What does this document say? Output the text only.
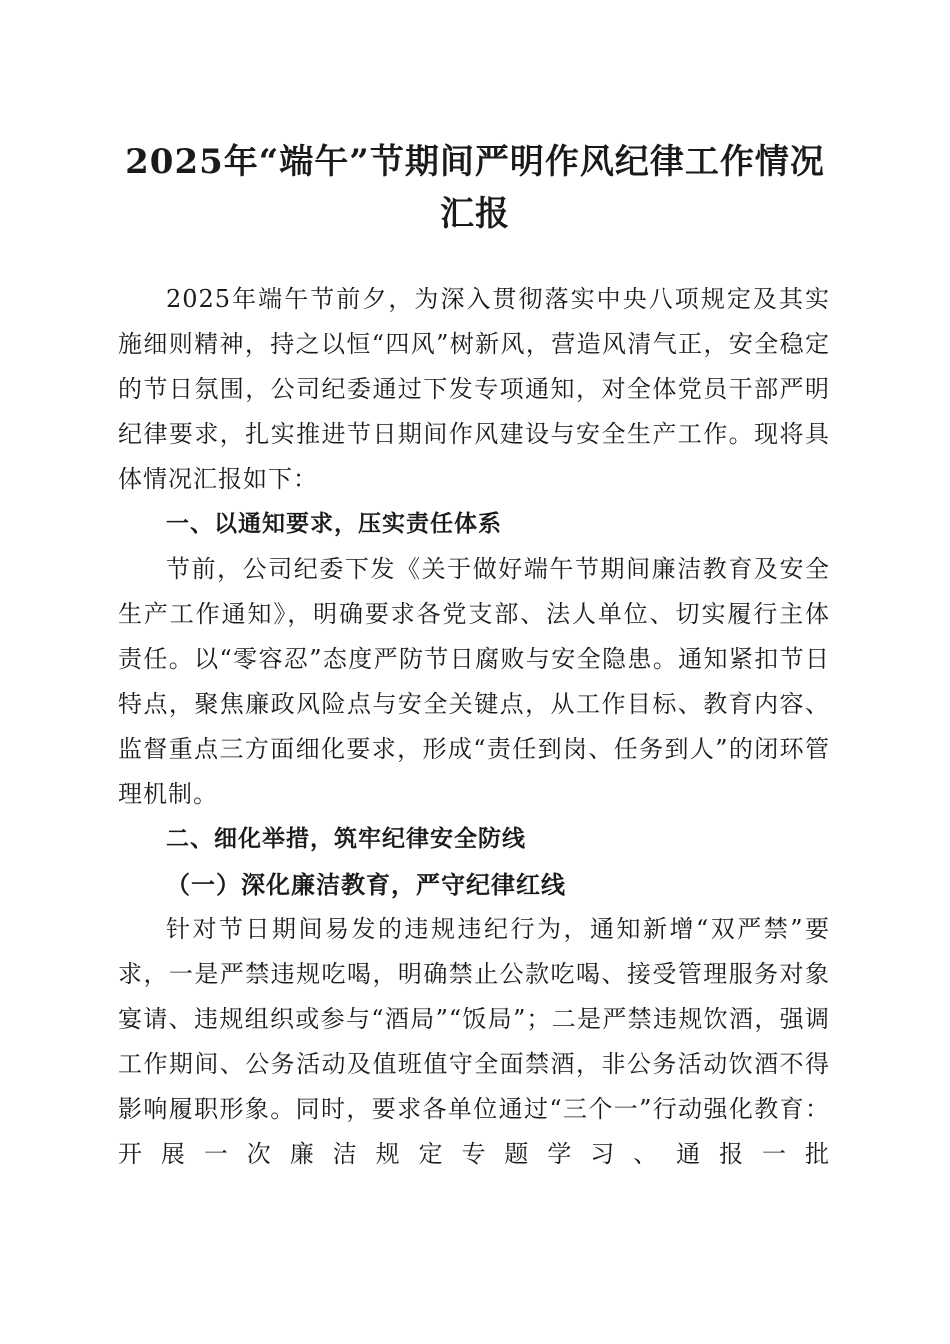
2025年“端午”节期间严明作风纪律工作情况汇报

2025年端午节前夕，为深入贯彻落实中央八项规定及其实施细则精神，持之以恒“四风”树新风，营造风清气正，安全稳定的节日氛围，公司纪委通过下发专项通知，对全体党员干部严明纪律要求，扎实推进节日期间作风建设与安全生产工作。现将具体情况汇报如下：

一、以通知要求，压实责任体系

节前，公司纪委下发《关于做好端午节期间廉洁教育及安全生产工作通知》，明确要求各党支部、法人单位、切实履行主体责任。以“零容忍”态度严防节日腐败与安全隐患。通知紧扣节日特点，聚焦廉政风险点与安全关键点，从工作目标、教育内容、监督重点三方面细化要求，形成“责任到岗、任务到人”的闭环管理机制。

二、细化举措，筑牢纪律安全防线

（一）深化廉洁教育，严守纪律红线

针对节日期间易发的违规违纪行为，通知新增“双严禁”要求，一是严禁违规吃喝，明确禁止公款吃喝、接受管理服务对象宴请、违规组织或参与“酒局”“饭局”；二是严禁违规饮酒，强调工作期间、公务活动及值班值守全面禁酒，非公务活动饮酒不得影响履职形象。同时，要求各单位通过“三个一”行动强化教育：开展一次廉洁规定专题学习、通报一批
